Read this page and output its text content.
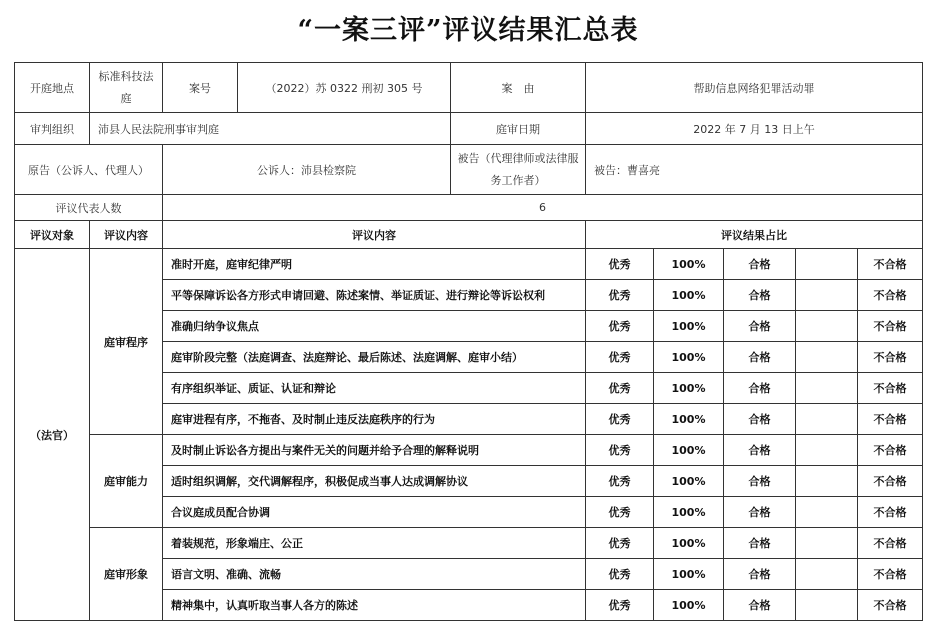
“一案三评”评议结果汇总表
开庭地点	标准科技法庭	案号	（2022）苏 0322 刑初 305 号	案　由	帮助信息网络犯罪活动罪					
审判组织	沛县人民法院刑事审判庭			庭审日期	2022 年 7 月 13 日上午					
原告（公诉人、代理人）		公诉人：沛县检察院		被告（代理律师或法律服务工作者）	被告：曹喜亮					
评议代表人数		6								
评议对象	评议内容	评议内容			评议结果占比					
（法官）	庭审程序	准时开庭，庭审纪律严明			优秀	100%	合格		不合格	
		平等保障诉讼各方形式申请回避、陈述案情、举证质证、进行辩论等诉讼权利			优秀	100%	合格		不合格	
		准确归纳争议焦点			优秀	100%	合格		不合格	
		庭审阶段完整（法庭调查、法庭辩论、最后陈述、法庭调解、庭审小结）			优秀	100%	合格		不合格	
		有序组织举证、质证、认证和辩论			优秀	100%	合格		不合格	
		庭审进程有序，不拖沓、及时制止违反法庭秩序的行为			优秀	100%	合格		不合格	
	庭审能力	及时制止诉讼各方提出与案件无关的问题并给予合理的解释说明			优秀	100%	合格		不合格	
		适时组织调解，交代调解程序，积极促成当事人达成调解协议			优秀	100%	合格		不合格	
		合议庭成员配合协调			优秀	100%	合格		不合格	
	庭审形象	着装规范，形象端庄、公正			优秀	100%	合格		不合格	
		语言文明、准确、流畅			优秀	100%	合格		不合格	
		精神集中，认真听取当事人各方的陈述			优秀	100%	合格		不合格	
